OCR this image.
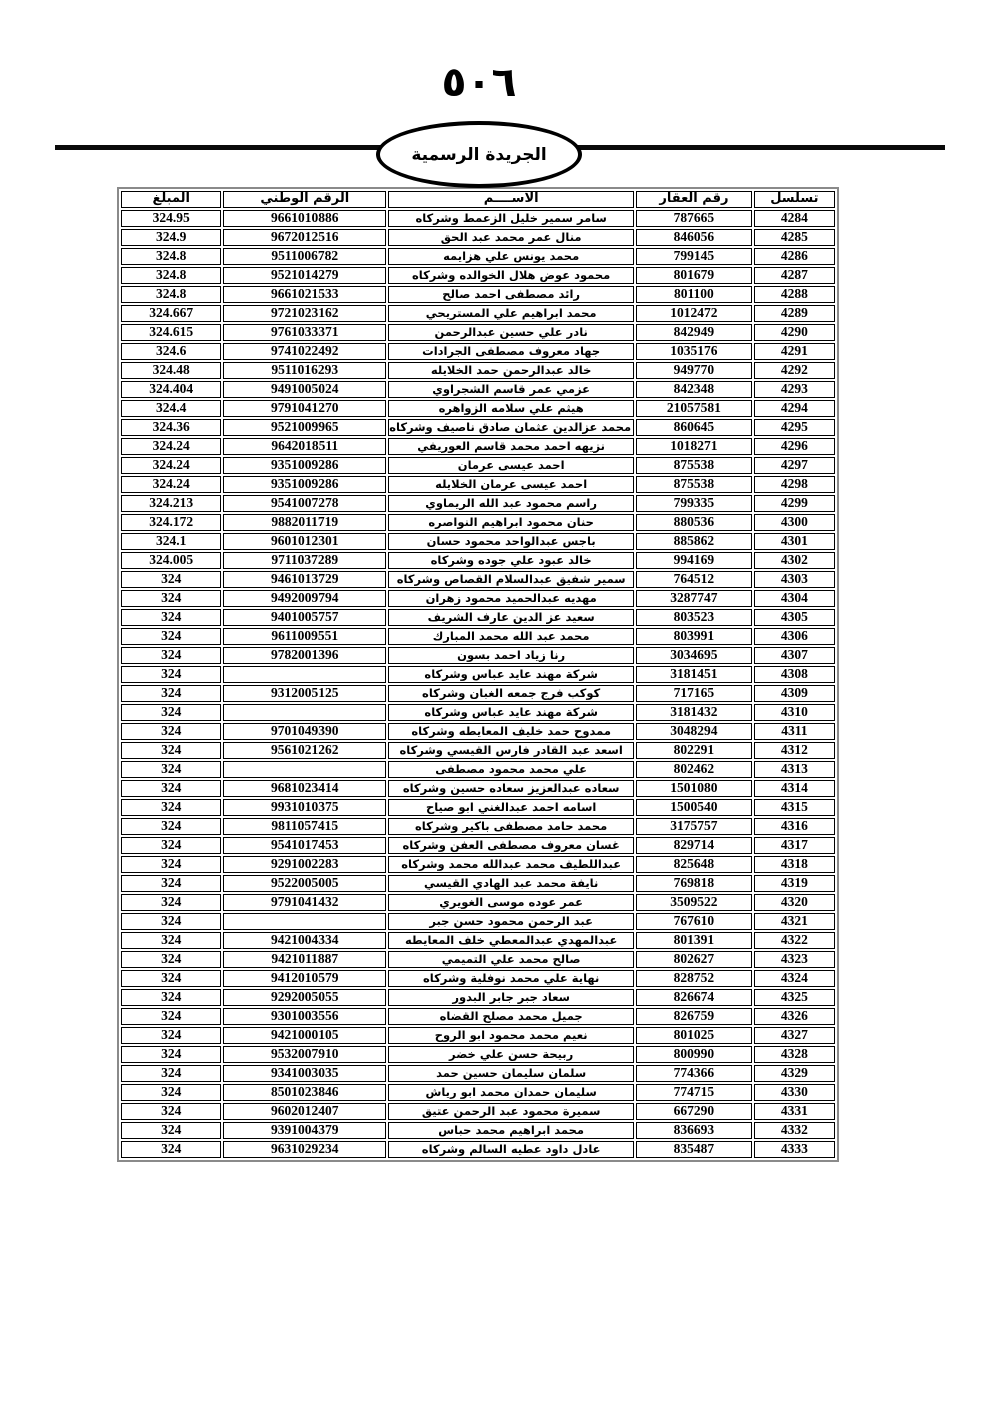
٥٠٦
الجريدة الرسمية
تسلسل	رقم العقار	الاســــم	الرقم الوطني	المبلغ
4284	787665	سامر سمير خليل الزعمط وشركاه	9661010886	324.95
4285	846056	منال عمر محمد عبد الحق	9672012516	324.9
4286	799145	محمد يونس علي هزايمه	9511006782	324.8
4287	801679	محمود عوض هلال الخوالده وشركاه	9521014279	324.8
4288	801100	رائد مصطفى احمد صالح	9661021533	324.8
4289	1012472	محمد ابراهيم علي المستريحي	9721023162	324.667
4290	842949	نادر علي حسين عبدالرحمن	9761033371	324.615
4291	1035176	جهاد معروف مصطفى الجرادات	9741022492	324.6
4292	949770	خالد عبدالرحمن حمد الخلايله	9511016293	324.48
4293	842348	عزمي عمر قاسم الشجراوي	9491005024	324.404
4294	21057581	هيثم علي سلامه الزواهره	9791041270	324.4
4295	860645	محمد عزالدين عثمان صادق ناصيف وشركاه	9521009965	324.36
4296	1018271	نزيهه احمد محمد قاسم العوريفي	9642018511	324.24
4297	875538	احمد عيسى عرمان	9351009286	324.24
4298	875538	احمد عيسى عرمان الخلايله	9351009286	324.24
4299	799335	راسم محمود عبد الله الريماوي	9541007278	324.213
4300	880536	حنان محمود ابراهيم النواصره	9882011719	324.172
4301	885862	باجس عبدالواحد محمود حسان	9601012301	324.1
4302	994169	خالد عبود علي جوده وشركاه	9711037289	324.005
4303	764512	سمير شفيق عبدالسلام القصاص وشركاه	9461013729	324
4304	3287747	مهديه عبدالحميد محمود زهران	9492009794	324
4305	803523	سعيد عز الدين عارف الشريف	9401005757	324
4306	803991	محمد عبد الله محمد المبارك	9611009551	324
4307	3034695	رنا زياد احمد بسون	9782001396	324
4308	3181451	شركة مهند عايد عباس وشركاه		324
4309	717165	كوكب فرج جمعه الغبان وشركاه	9312005125	324
4310	3181432	شركة مهند عايد عباس وشركاه		324
4311	3048294	ممدوح حمد خليف المعايطه وشركاه	9701049390	324
4312	802291	اسعد عبد القادر فارس القيسي وشركاه	9561021262	324
4313	802462	علي محمد محمود مصطفى		324
4314	1501080	سعاده عبدالعزيز سعاده حسين وشركاه	9681023414	324
4315	1500540	اسامه احمد عبدالغني ابو صياح	9931010375	324
4316	3175757	محمد حامد مصطفى باكير وشركاه	9811057415	324
4317	829714	غسان معروف مصطفى العفن وشركاه	9541017453	324
4318	825648	عبداللطيف محمد عبدالله محمد وشركاه	9291002283	324
4319	769818	نايفة محمد عبد الهادي القيسي	9522005005	324
4320	3509522	عمر عوده موسى الغويري	9791041432	324
4321	767610	عبد الرحمن محمود حسن جبر		324
4322	801391	عبدالمهدي عبدالمعطي خلف المعايطه	9421004334	324
4323	802627	صالح محمد علي التميمي	9421011887	324
4324	828752	نهاية علي محمد نوفلية وشركاه	9412010579	324
4325	826674	سعاد جبر جابر البدور	9292005055	324
4326	826759	جميل محمد مصلح القضاه	9301003556	324
4327	801025	نعيم محمد محمود ابو الروح	9421000105	324
4328	800990	ربيحة حسن علي خضر	9532007910	324
4329	774366	سلمان سليمان حسين حمد	9341003035	324
4330	774715	سليمان حمدان محمد ابو رياش	8501023846	324
4331	667290	سميرة محمود عبد الرحمن عتيق	9602012407	324
4332	836693	محمد ابراهيم محمد حباس	9391004379	324
4333	835487	عادل داود عطيه السالم وشركاه	9631029234	324
